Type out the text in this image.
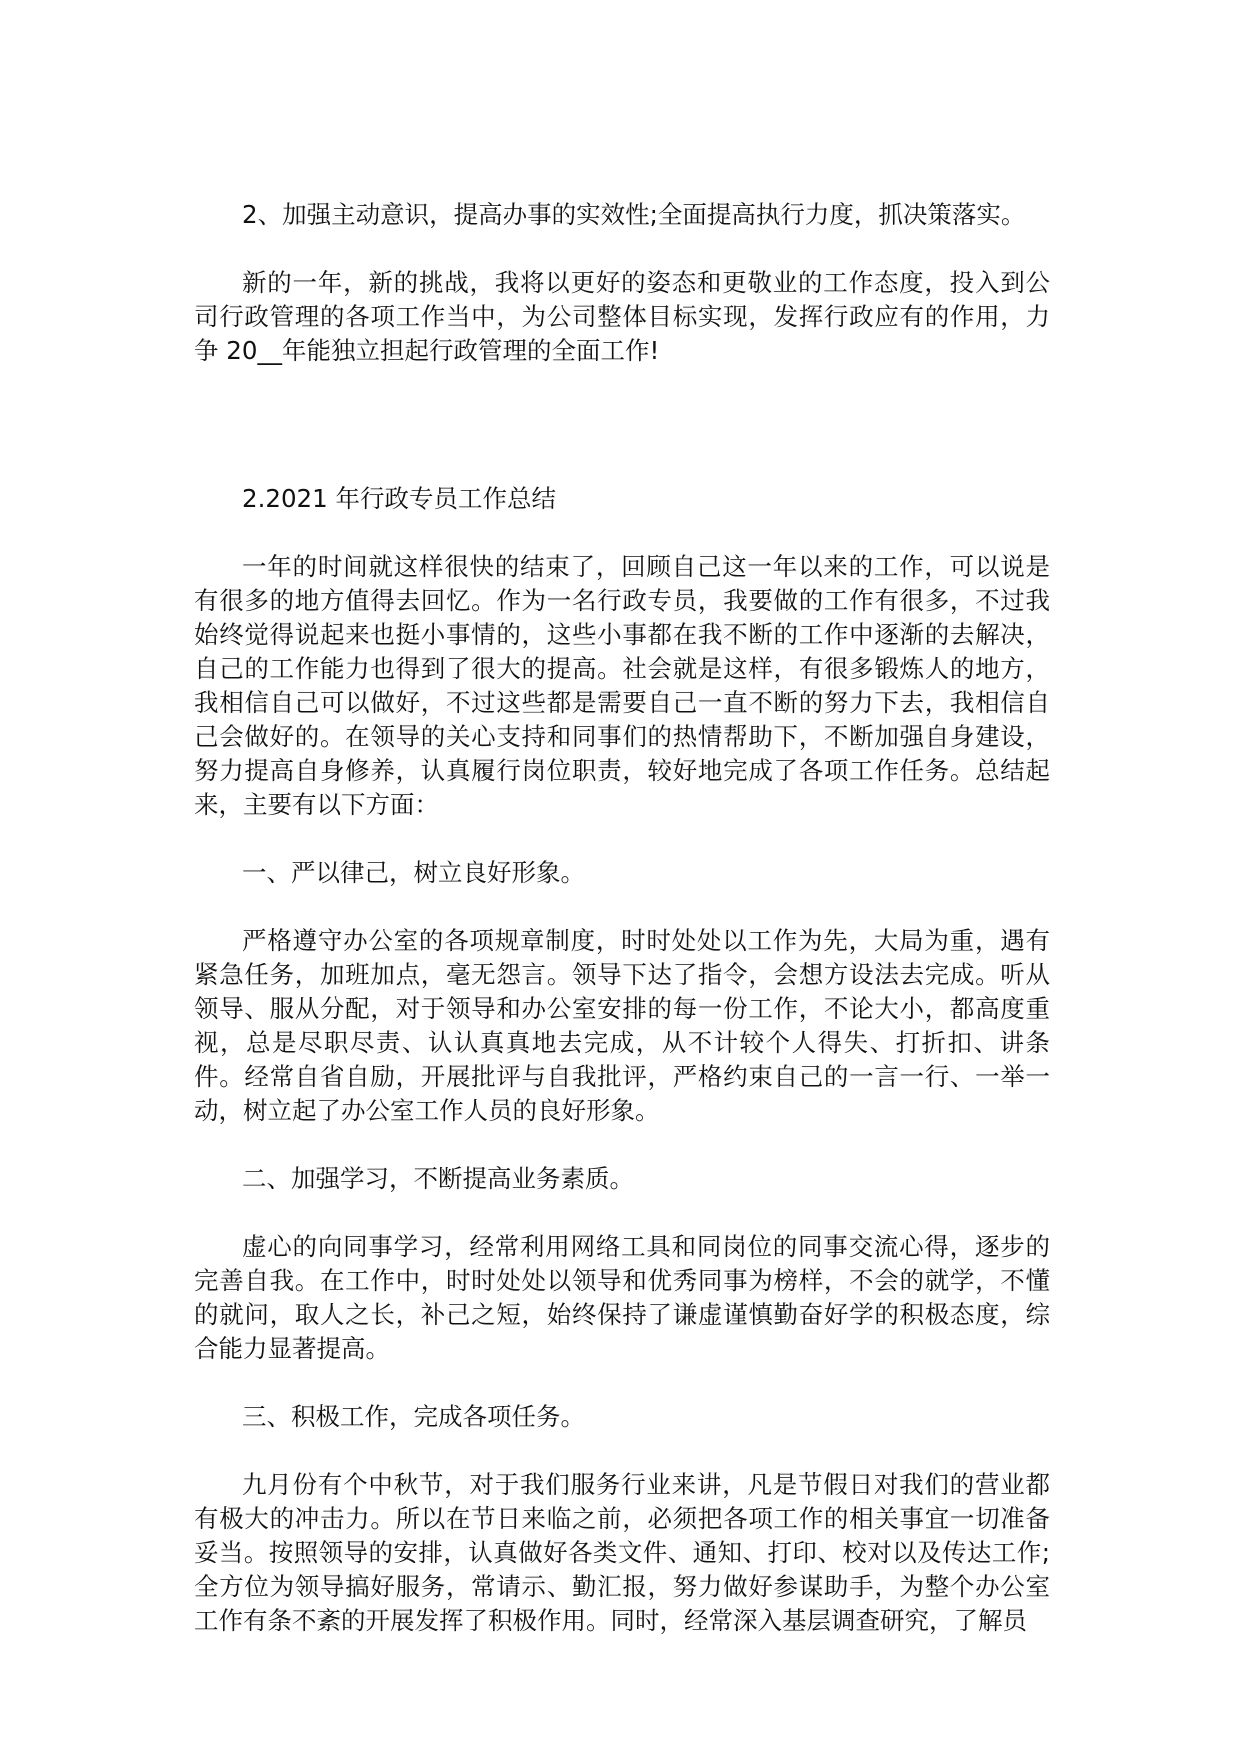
2、加强主动意识，提高办事的实效性;全面提高执行力度，抓决策落实。

新的一年，新的挑战，我将以更好的姿态和更敬业的工作态度，投入到公司行政管理的各项工作当中，为公司整体目标实现，发挥行政应有的作用，力争 20__年能独立担起行政管理的全面工作!

2.2021 年行政专员工作总结

一年的时间就这样很快的结束了，回顾自己这一年以来的工作，可以说是有很多的地方值得去回忆。作为一名行政专员，我要做的工作有很多，不过我始终觉得说起来也挺小事情的，这些小事都在我不断的工作中逐渐的去解决，自己的工作能力也得到了很大的提高。社会就是这样，有很多锻炼人的地方，我相信自己可以做好，不过这些都是需要自己一直不断的努力下去，我相信自己会做好的。在领导的关心支持和同事们的热情帮助下，不断加强自身建设，努力提高自身修养，认真履行岗位职责，较好地完成了各项工作任务。总结起来，主要有以下方面：

一、严以律己，树立良好形象。

严格遵守办公室的各项规章制度，时时处处以工作为先，大局为重，遇有紧急任务，加班加点，毫无怨言。领导下达了指令，会想方设法去完成。听从领导、服从分配，对于领导和办公室安排的每一份工作，不论大小，都高度重视，总是尽职尽责、认认真真地去完成，从不计较个人得失、打折扣、讲条件。经常自省自励，开展批评与自我批评，严格约束自己的一言一行、一举一动，树立起了办公室工作人员的良好形象。

二、加强学习，不断提高业务素质。

虚心的向同事学习，经常利用网络工具和同岗位的同事交流心得，逐步的完善自我。在工作中，时时处处以领导和优秀同事为榜样，不会的就学，不懂的就问，取人之长，补己之短，始终保持了谦虚谨慎勤奋好学的积极态度，综合能力显著提高。

三、积极工作，完成各项任务。

九月份有个中秋节，对于我们服务行业来讲，凡是节假日对我们的营业都有极大的冲击力。所以在节日来临之前，必须把各项工作的相关事宜一切准备妥当。按照领导的安排，认真做好各类文件、通知、打印、校对以及传达工作;全方位为领导搞好服务，常请示、勤汇报，努力做好参谋助手，为整个办公室工作有条不紊的开展发挥了积极作用。同时，经常深入基层调查研究，了解员
